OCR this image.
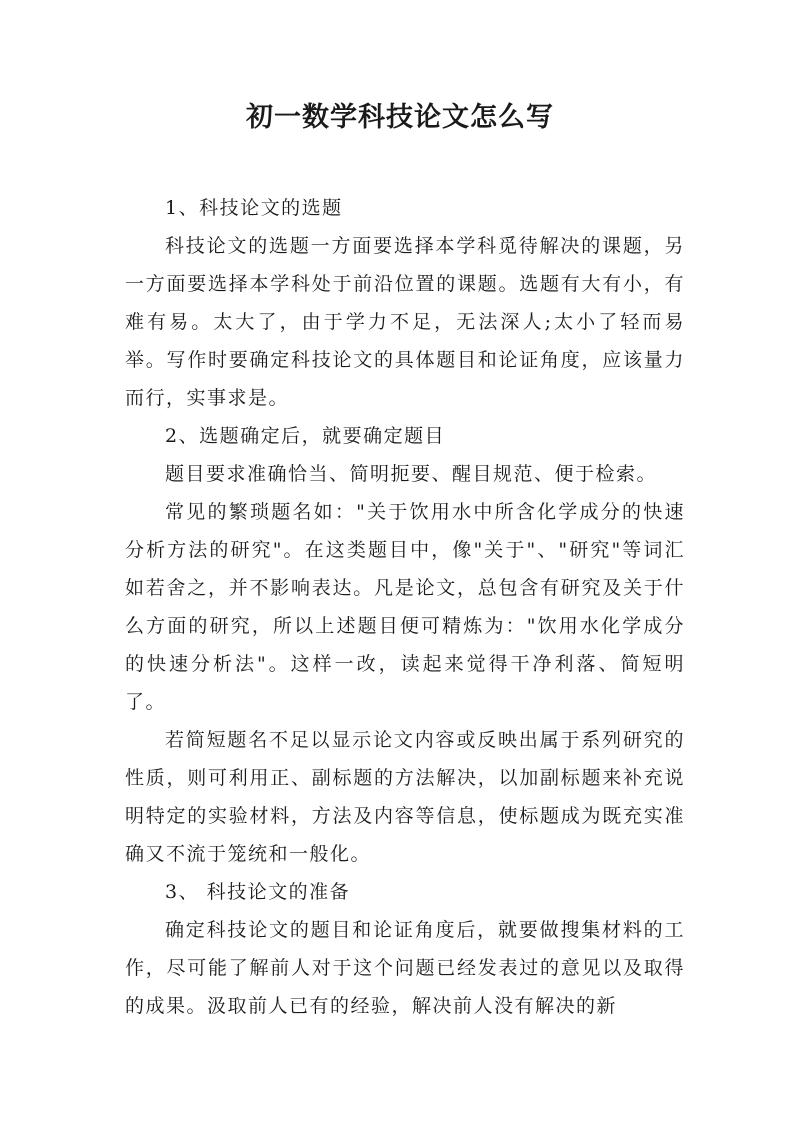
初一数学科技论文怎么写

1、科技论文的选题

科技论文的选题一方面要选择本学科觅待解决的课题，另一方面要选择本学科处于前沿位置的课题。选题有大有小，有难有易。太大了，由于学力不足，无法深人;太小了轻而易举。写作时要确定科技论文的具体题目和论证角度，应该量力而行，实事求是。

2、选题确定后，就要确定题目

题目要求准确恰当、简明扼要、醒目规范、便于检索。

常见的繁琐题名如："关于饮用水中所含化学成分的快速分析方法的研究"。在这类题目中，像"关于"、"研究"等词汇如若舍之，并不影响表达。凡是论文，总包含有研究及关于什么方面的研究，所以上述题目便可精炼为："饮用水化学成分的快速分析法"。这样一改，读起来觉得干净利落、简短明了。

若简短题名不足以显示论文内容或反映出属于系列研究的性质，则可利用正、副标题的方法解决，以加副标题来补充说明特定的实验材料，方法及内容等信息，使标题成为既充实准确又不流于笼统和一般化。

3、 科技论文的准备

确定科技论文的题目和论证角度后，就要做搜集材料的工作，尽可能了解前人对于这个问题已经发表过的意见以及取得的成果。汲取前人已有的经验，解决前人没有解决的新
